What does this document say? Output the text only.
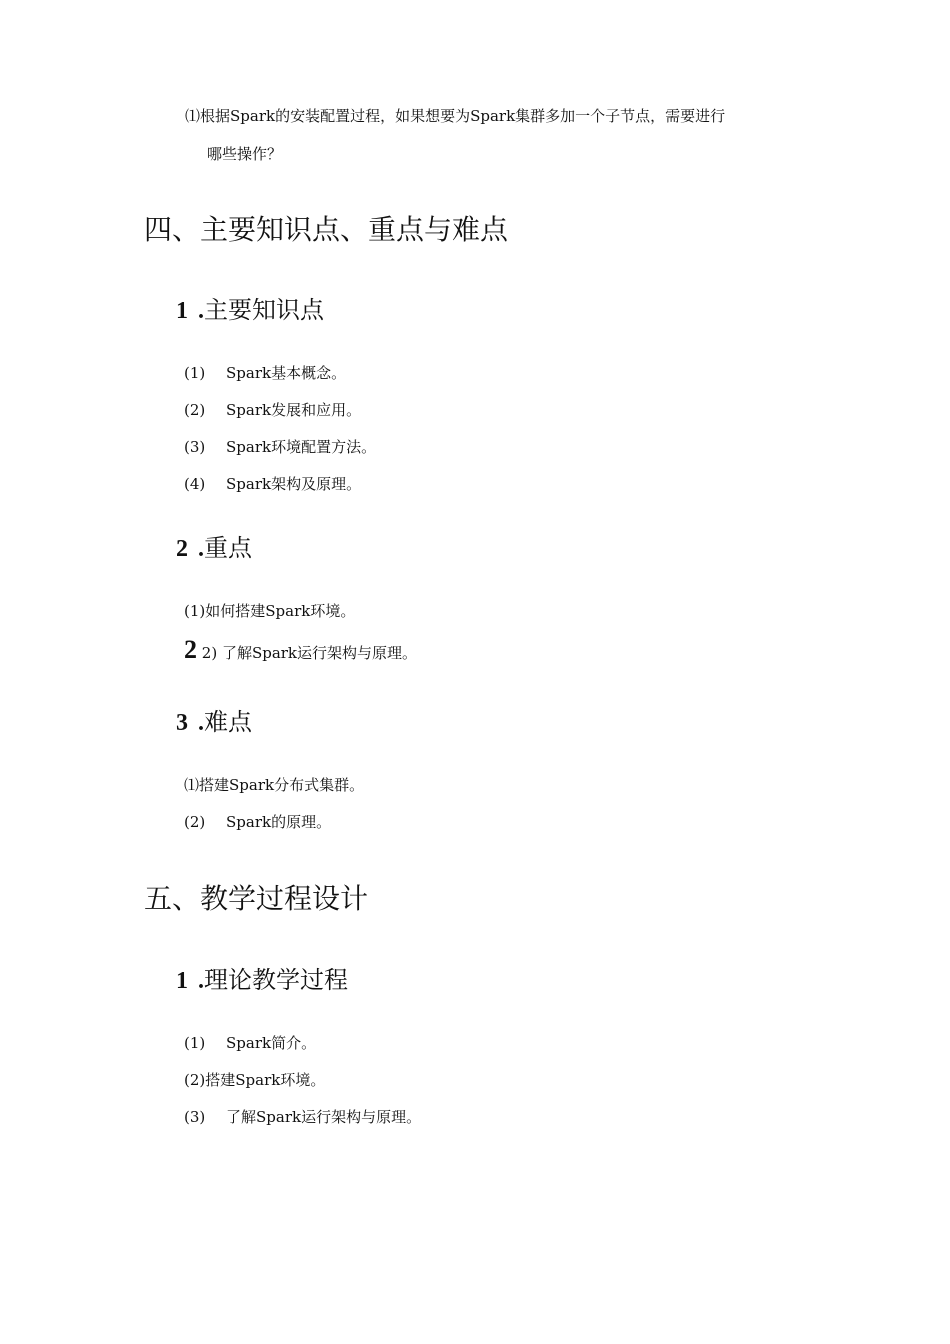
⑴根据Spark的安装配置过程，如果想要为Spark集群多加一个子节点，需要进行
哪些操作？
四、主要知识点、重点与难点
1 .主要知识点
(1) Spark基本概念。
(2) Spark发展和应用。
(3) Spark环境配置方法。
(4) Spark架构及原理。
2 .重点
(1)如何搭建Spark环境。
2 2) 了解Spark运行架构与原理。
3 .难点
⑴搭建Spark分布式集群。
(2) Spark的原理。
五、教学过程设计
1 .理论教学过程
(1) Spark简介。
(2)搭建Spark环境。
(3) 了解Spark运行架构与原理。
